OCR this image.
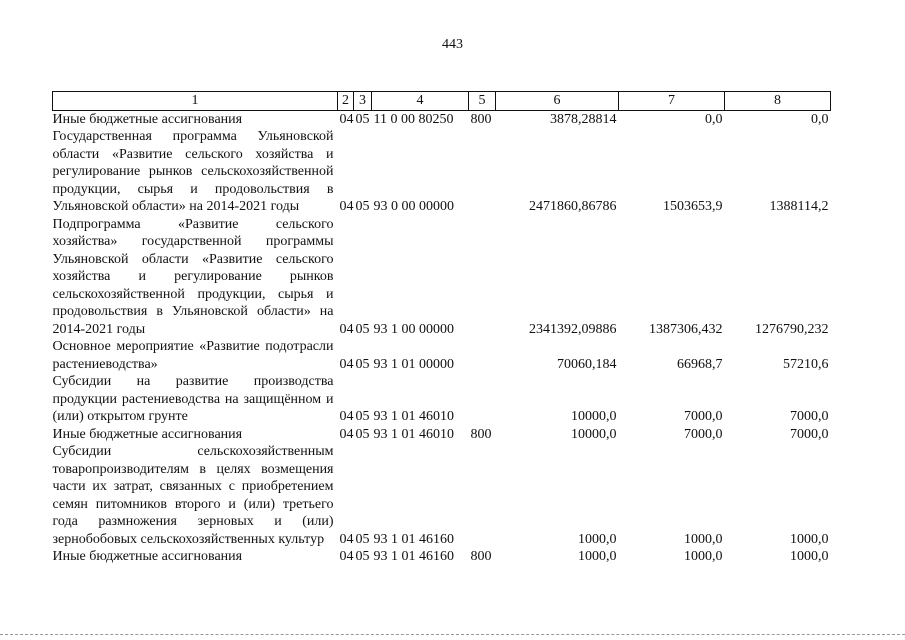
443
1	2	3	4	5	6	7	8
Иные бюджетные ассигнования	04	05	11 0 00 80250	800	3878,28814	0,0	0,0
Государственная программа Ульяновской области «Развитие сельского хозяйства и регулирование рынков сельскохозяйственной продукции, сырья и продовольствия в Ульяновской области» на 2014-2021 годы	04	05	93 0 00 00000		2471860,86786	1503653,9	1388114,2
Подпрограмма «Развитие сельского хозяйства» государственной программы Ульяновской области «Развитие сельского хозяйства и регулирование рынков сельскохозяйственной продукции, сырья и продовольствия в Ульяновской области» на 2014-2021 годы	04	05	93 1 00 00000		2341392,09886	1387306,432	1276790,232
Основное мероприятие «Развитие подотрасли растениеводства»	04	05	93 1 01 00000		70060,184	66968,7	57210,6
Субсидии на развитие производства продукции растениеводства на защищённом и (или) открытом грунте	04	05	93 1 01 46010		10000,0	7000,0	7000,0
Иные бюджетные ассигнования	04	05	93 1 01 46010	800	10000,0	7000,0	7000,0
Субсидии сельскохозяйственным товаропроизводителям в целях возмещения части их затрат, связанных с приобретением семян питомников второго и (или) третьего года размножения зерновых и (или) зернобобовых сельскохозяйственных культур	04	05	93 1 01 46160		1000,0	1000,0	1000,0
Иные бюджетные ассигнования	04	05	93 1 01 46160	800	1000,0	1000,0	1000,0
